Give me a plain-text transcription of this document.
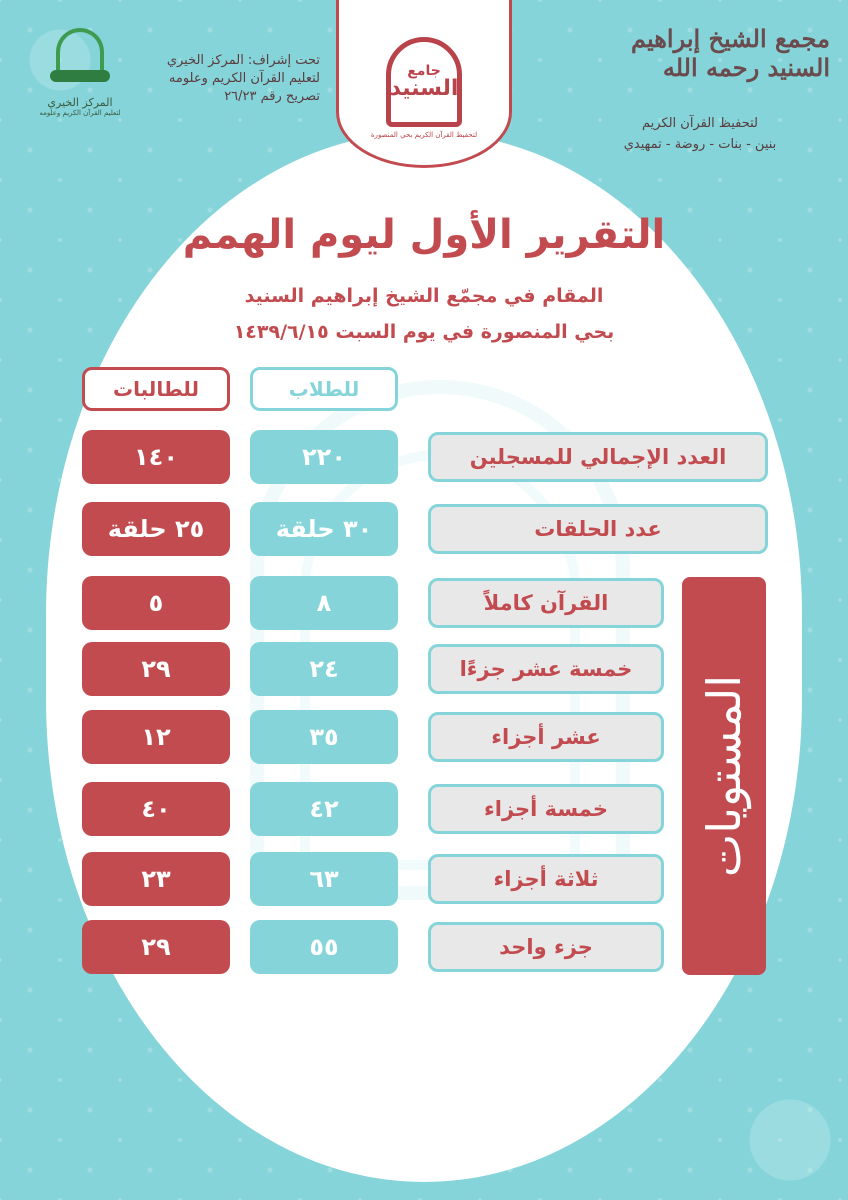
جامع
السنيد
لتحفيظ القرآن الكريم بحي المنصورة
مجمع الشيخ إبراهيم السنيد رحمه الله
لتحفيظ القرآن الكريم
بنين - بنات - روضة - تمهيدي
تحت إشراف: المركز الخيري
لتعليم القرآن الكريم وعلومه
تصريح رقم ٢٦/٢٣
المركز الخيري
لتعليم القرآن الكريم وعلومه
التقرير الأول ليوم الهمم
المقام في مجمّع الشيخ إبراهيم السنيد
بحي المنصورة في يوم السبت ١٤٣٩/٦/١٥
للطلاب
للطالبات
العدد الإجمالي للمسجلين
٢٢٠
١٤٠
عدد الحلقات
٣٠ حلقة
٢٥ حلقة
القرآن كاملاً
٨
٥
خمسة عشر جزءًا
٢٤
٢٩
عشر أجزاء
٣٥
١٢
خمسة أجزاء
٤٢
٤٠
ثلاثة أجزاء
٦٣
٢٣
جزء واحد
٥٥
٢٩
المستويات
